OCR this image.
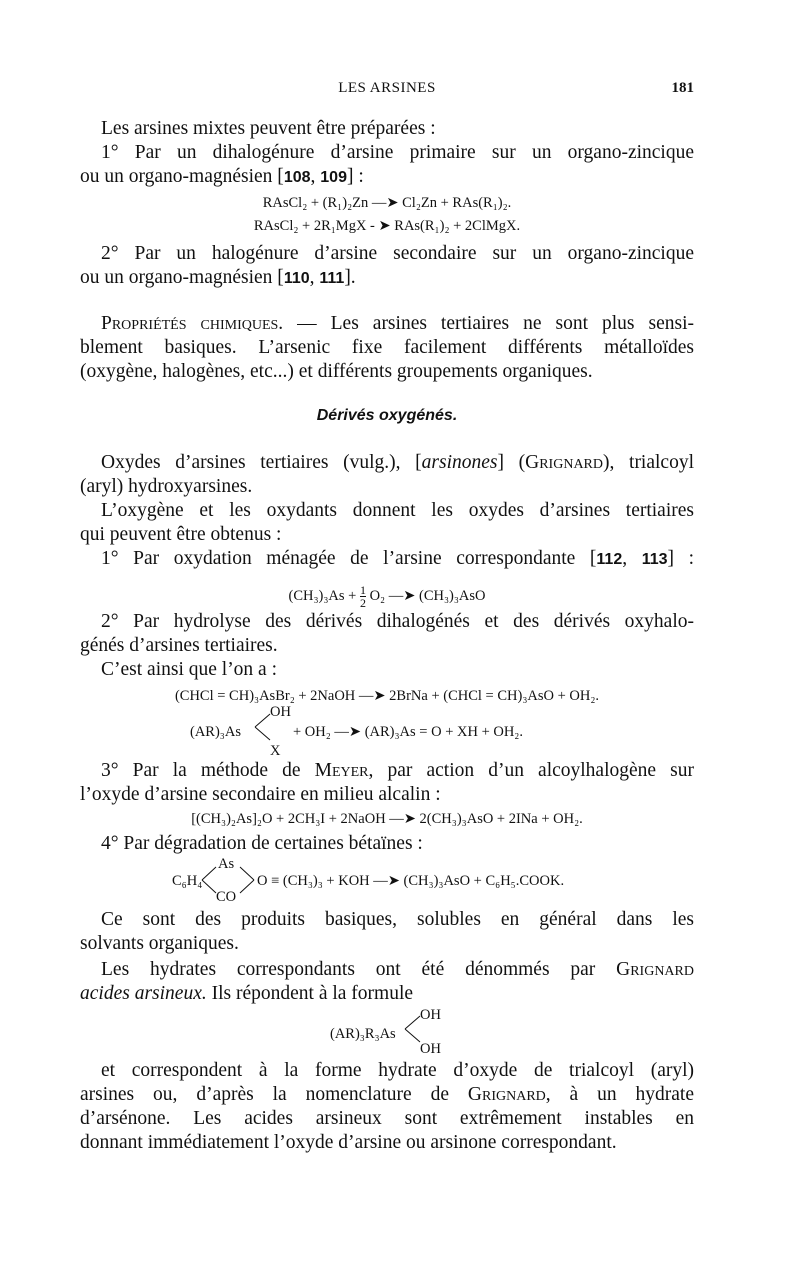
LES ARSINES	181
Les arsines mixtes peuvent être préparées :
1° Par un dihalogénure d’arsine primaire sur un organo-zincique
ou un organo-magnésien [108, 109] :
RAsCl₂ + (R₁)₂Zn —➤ Cl₂Zn + RAs(R₁)₂.
RAsCl₂ + 2R₁MgX - ➤ RAs(R₁)₂ + 2ClMgX.
2° Par un halogénure d’arsine secondaire sur un organo-zincique
ou un organo-magnésien [110, 111].
Propriétés chimiques. — Les arsines tertiaires ne sont plus sensi-
blement basiques. L’arsenic fixe facilement différents métalloïdes
(oxygène, halogènes, etc...) et différents groupements organiques.
Dérivés oxygénés.
Oxydes d’arsines tertiaires (vulg.), [arsinones] (Grignard), trialcoyl
(aryl) hydroxyarsines.
L’oxygène et les oxydants donnent les oxydes d’arsines tertiaires
qui peuvent être obtenus :
1° Par oxydation ménagée de l’arsine correspondante [112, 113] :
$(CH_3)_3As + \frac{1}{2} O_2$ —➤ (CH₃)₃AsO
2° Par hydrolyse des dérivés dihalogénés et des dérivés oxyhalo-
génés d’arsines tertiaires.
C’est ainsi que l’on a :
(CHCl = CH)₃AsBr₂ + 2NaOH —➤ 2BrNa + (CHCl = CH)₃AsO + OH₂.
(AR)₃As
OH
X
+ OH₂ —➤ (AR)₃As = O + XH + OH₂.
3° Par la méthode de Meyer, par action d’un alcoylhalogène sur
l’oxyde d’arsine secondaire en milieu alcalin :
[(CH₃)₂As]₂O + 2CH₃I + 2NaOH —➤ 2(CH₃)₃AsO + 2INa + OH₂.
4° Par dégradation de certaines bétaïnes :
C₆H₄
As
CO
O ≡ (CH₃)₃ + KOH —➤ (CH₃)₃AsO + C₆H₅.COOK.
Ce sont des produits basiques, solubles en général dans les
solvants organiques.
Les hydrates correspondants ont été dénommés par Grignard
acides arsineux. Ils répondent à la formule
(AR)₃R₃As
OH
OH
et correspondent à la forme hydrate d’oxyde de trialcoyl (aryl)
arsines ou, d’après la nomenclature de Grignard, à un hydrate
d’arsénone. Les acides arsineux sont extrêmement instables en
donnant immédiatement l’oxyde d’arsine ou arsinone correspondant.
